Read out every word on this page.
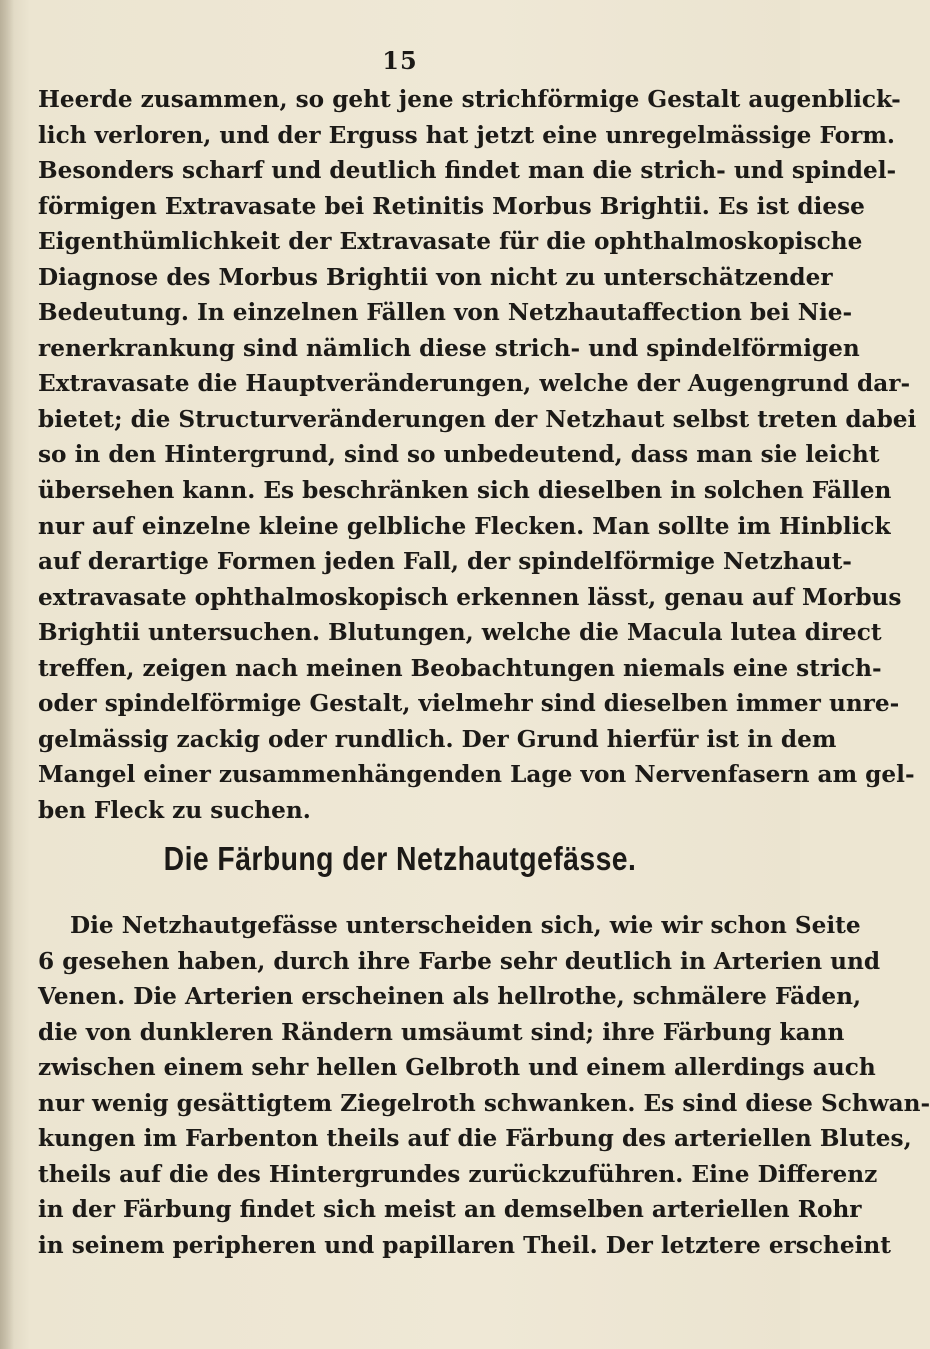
15
Heerde zusammen, so geht jene strichförmige Gestalt augenblick-
lich verloren, und der Erguss hat jetzt eine unregelmässige Form.
Besonders scharf und deutlich findet man die strich- und spindel-
förmigen Extravasate bei Retinitis Morbus Brightii. Es ist diese
Eigenthümlichkeit der Extravasate für die ophthalmoskopische
Diagnose des Morbus Brightii von nicht zu unterschätzender
Bedeutung. In einzelnen Fällen von Netzhautaffection bei Nie-
renerkrankung sind nämlich diese strich- und spindelförmigen
Extravasate die Hauptveränderungen, welche der Augengrund dar-
bietet; die Structurveränderungen der Netzhaut selbst treten dabei
so in den Hintergrund, sind so unbedeutend, dass man sie leicht
übersehen kann. Es beschränken sich dieselben in solchen Fällen
nur auf einzelne kleine gelbliche Flecken. Man sollte im Hinblick
auf derartige Formen jeden Fall, der spindelförmige Netzhaut-
extravasate ophthalmoskopisch erkennen lässt, genau auf Morbus
Brightii untersuchen. Blutungen, welche die Macula lutea direct
treffen, zeigen nach meinen Beobachtungen niemals eine strich-
oder spindelförmige Gestalt, vielmehr sind dieselben immer unre-
gelmässig zackig oder rundlich. Der Grund hierfür ist in dem
Mangel einer zusammenhängenden Lage von Nervenfasern am gel-
ben Fleck zu suchen.
Die Färbung der Netzhautgefässe.
Die Netzhautgefässe unterscheiden sich, wie wir schon Seite
6 gesehen haben, durch ihre Farbe sehr deutlich in Arterien und
Venen. Die Arterien erscheinen als hellrothe, schmälere Fäden,
die von dunkleren Rändern umsäumt sind; ihre Färbung kann
zwischen einem sehr hellen Gelbroth und einem allerdings auch
nur wenig gesättigtem Ziegelroth schwanken. Es sind diese Schwan-
kungen im Farbenton theils auf die Färbung des arteriellen Blutes,
theils auf die des Hintergrundes zurückzuführen. Eine Differenz
in der Färbung findet sich meist an demselben arteriellen Rohr
in seinem peripheren und papillaren Theil. Der letztere erscheint
